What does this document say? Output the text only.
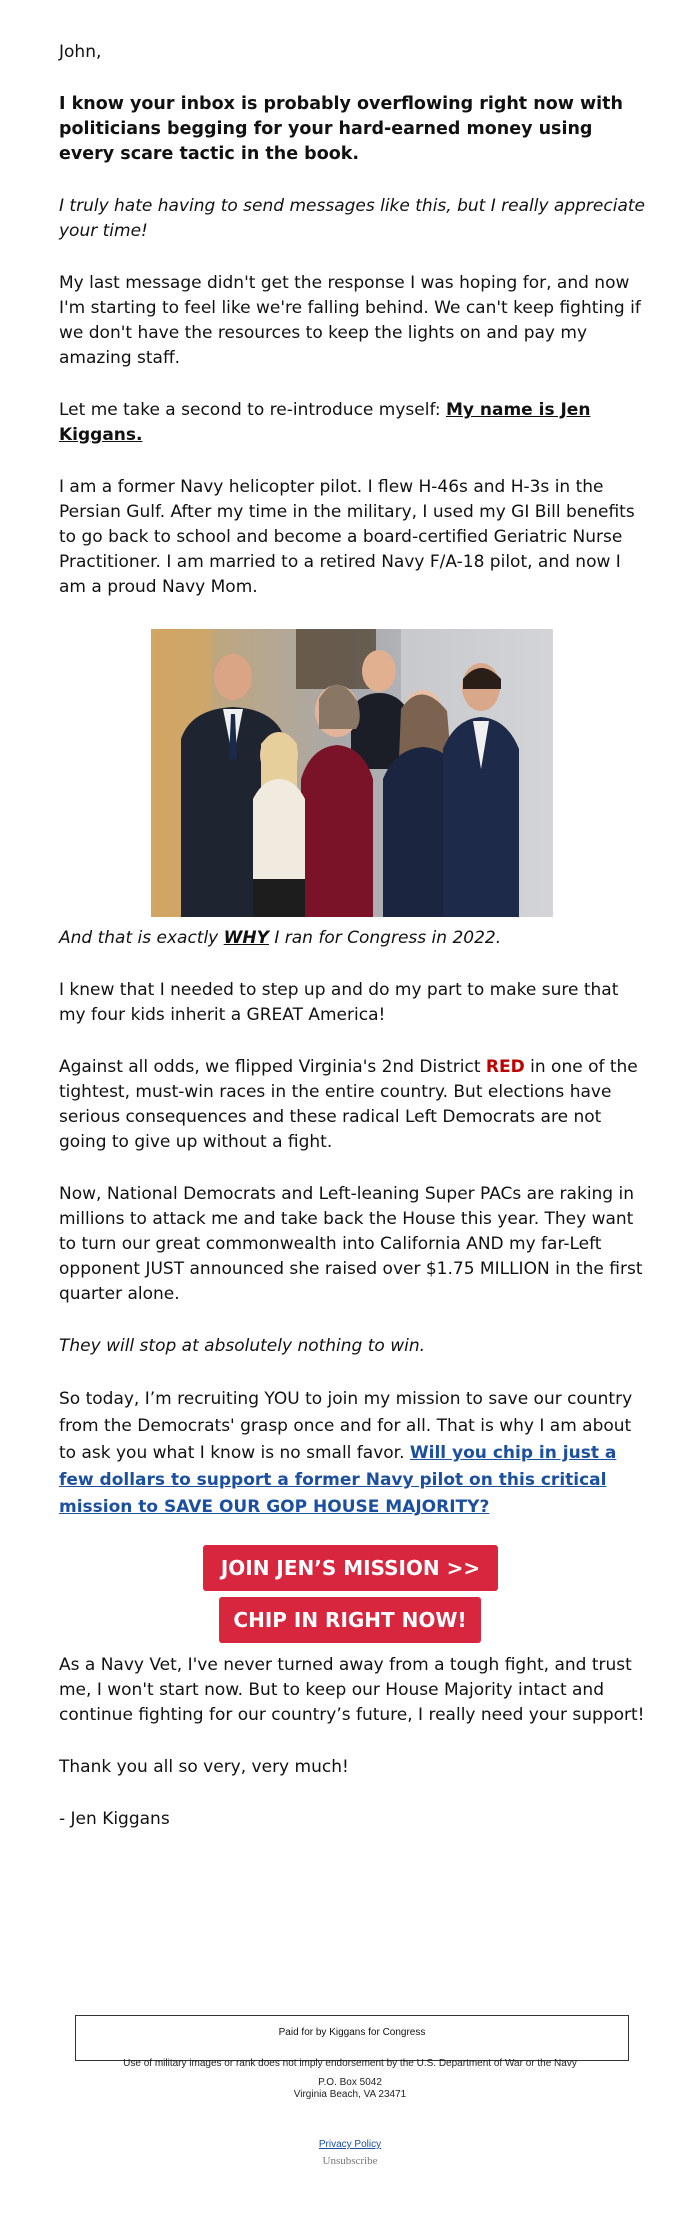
John,

I know your inbox is probably overflowing right now with politicians begging for your hard-earned money using every scare tactic in the book.

I truly hate having to send messages like this, but I really appreciate your time!

My last message didn't get the response I was hoping for, and now I'm starting to feel like we're falling behind. We can't keep fighting if we don't have the resources to keep the lights on and pay my amazing staff.

Let me take a second to re-introduce myself: My name is Jen Kiggans.

I am a former Navy helicopter pilot. I flew H-46s and H-3s in the Persian Gulf. After my time in the military, I used my GI Bill benefits to go back to school and become a board-certified Geriatric Nurse Practitioner. I am married to a retired Navy F/A-18 pilot, and now I am a proud Navy Mom.

And that is exactly WHY I ran for Congress in 2022.

I knew that I needed to step up and do my part to make sure that my four kids inherit a GREAT America!

Against all odds, we flipped Virginia's 2nd District RED in one of the tightest, must-win races in the entire country. But elections have serious consequences and these radical Left Democrats are not going to give up without a fight.

Now, National Democrats and Left-leaning Super PACs are raking in millions to attack me and take back the House this year. They want to turn our great commonwealth into California AND my far-Left opponent JUST announced she raised over $1.75 MILLION in the first quarter alone.

They will stop at absolutely nothing to win.

So today, I’m recruiting YOU to join my mission to save our country from the Democrats' grasp once and for all. That is why I am about to ask you what I know is no small favor. Will you chip in just a few dollars to support a former Navy pilot on this critical mission to SAVE OUR GOP HOUSE MAJORITY?

JOIN JEN’S MISSION >>
CHIP IN RIGHT NOW!

As a Navy Vet, I've never turned away from a tough fight, and trust me, I won't start now. But to keep our House Majority intact and continue fighting for our country’s future, I really need your support!

Thank you all so very, very much!

- Jen Kiggans

Paid for by Kiggans for Congress
Use of military images or rank does not imply endorsement by the U.S. Department of War or the Navy
P.O. Box 5042
Virginia Beach, VA 23471
Privacy Policy
Unsubscribe
